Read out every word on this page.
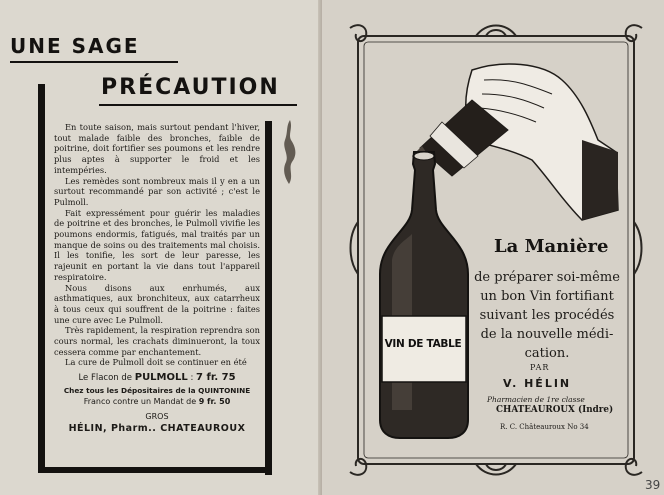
UNE SAGE
PRÉCAUTION

En toute saison, mais surtout pendant l'hiver, tout malade faible des bronches, faible de poitrine, doit fortifier ses poumons et les rendre plus aptes à supporter le froid et les intempéries.

Les remèdes sont nombreux mais il y en a un surtout recommandé par son activité ; c'est le Pulmoll.

Fait expressément pour guérir les maladies de poitrine et des bronches, le Pulmoll vivifie les poumons endormis, fatigués, mal traités par un manque de soins ou des traitements mal choisis. Il les tonifie, les sort de leur paresse, les rajeunit en portant la vie dans tout l'appareil respiratoire.

Nous disons aux enrhumés, aux asthmatiques, aux bronchiteux, aux catarrheux à tous ceux qui souffrent de la poitrine : faites une cure avec Le Pulmoll.

Très rapidement, la respiration reprendra son cours normal, les crachats diminueront, la toux cessera comme par enchantement.

La cure de Pulmoll doit se continuer en été

Le Flacon de PULMOLL : 7 fr. 75
Chez tous les Dépositaires de la QUINTONINE
Franco contre un Mandat de 9 fr. 50
GROS
HÉLIN, Pharm.. CHATEAUROUX
VIN DE TABLE
La Manière
de préparer soi-même
un bon Vin fortifiant
suivant les procédés
de la nouvelle médi-
cation.
PAR
V. HÉLIN
Pharmacien de 1re classe
CHATEAUROUX (Indre)
R. C. Châteauroux No 34
39
